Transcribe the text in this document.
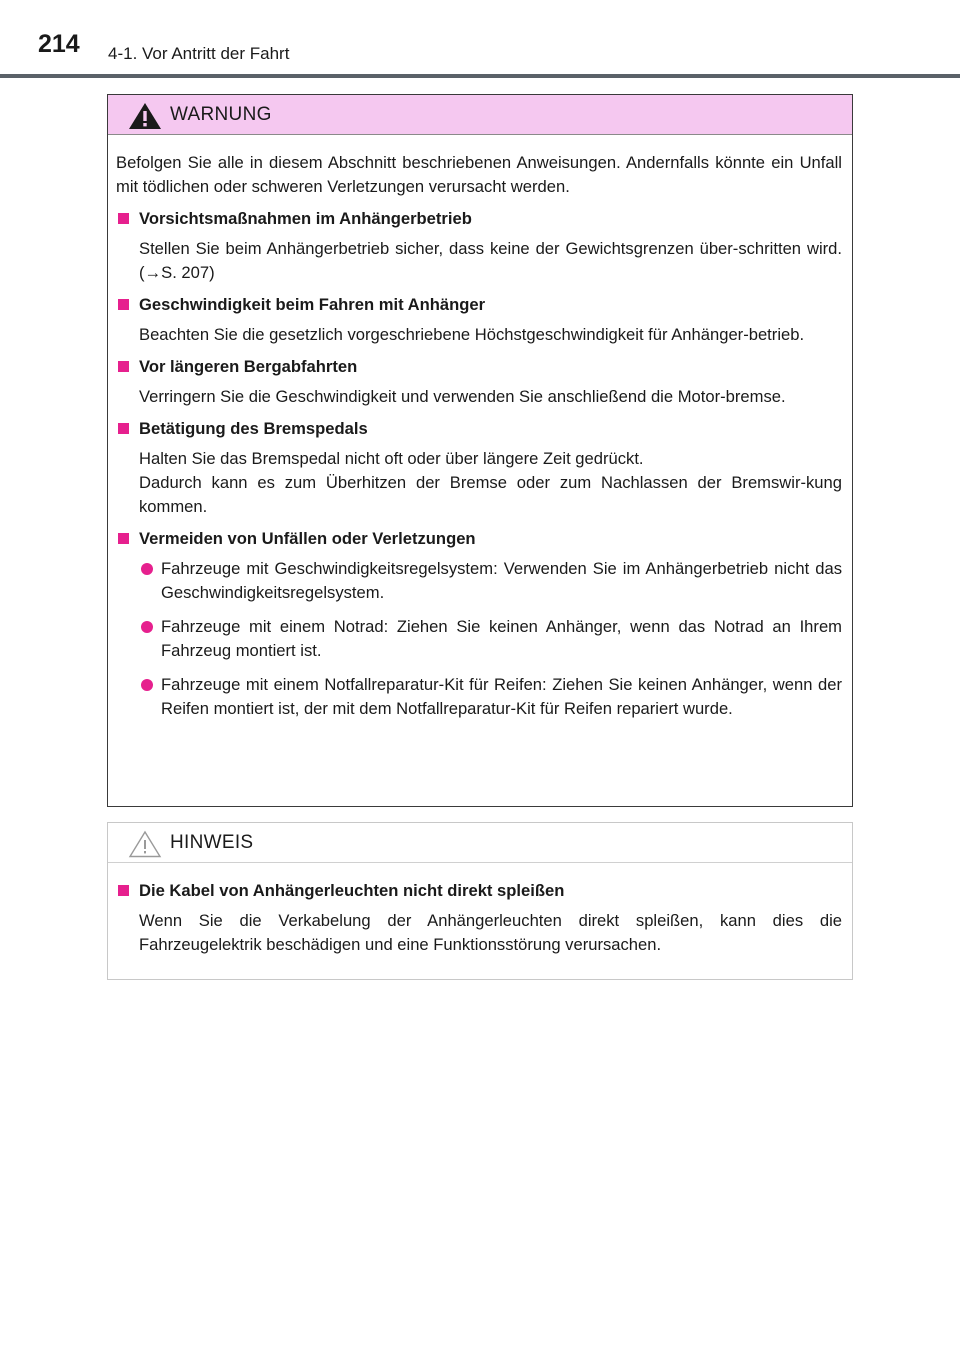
214 4-1. Vor Antritt der Fahrt
WARNUNG

Befolgen Sie alle in diesem Abschnitt beschriebenen Anweisungen. Andernfalls könnte ein Unfall mit tödlichen oder schweren Verletzungen verursacht werden.

Vorsichtsmaßnahmen im Anhängerbetrieb

Stellen Sie beim Anhängerbetrieb sicher, dass keine der Gewichtsgrenzen über-schritten wird. (→S. 207)

Geschwindigkeit beim Fahren mit Anhänger

Beachten Sie die gesetzlich vorgeschriebene Höchstgeschwindigkeit für Anhänger-betrieb.

Vor längeren Bergabfahrten

Verringern Sie die Geschwindigkeit und verwenden Sie anschließend die Motor-bremse.

Betätigung des Bremspedals

Halten Sie das Bremspedal nicht oft oder über längere Zeit gedrückt.

Dadurch kann es zum Überhitzen der Bremse oder zum Nachlassen der Bremswir-kung kommen.

Vermeiden von Unfällen oder Verletzungen
Fahrzeuge mit Geschwindigkeitsregelsystem: Verwenden Sie im Anhängerbetrieb nicht das Geschwindigkeitsregelsystem.
Fahrzeuge mit einem Notrad: Ziehen Sie keinen Anhänger, wenn das Notrad an Ihrem Fahrzeug montiert ist.
Fahrzeuge mit einem Notfallreparatur-Kit für Reifen: Ziehen Sie keinen Anhänger, wenn der Reifen montiert ist, der mit dem Notfallreparatur-Kit für Reifen repariert wurde.
HINWEIS
Die Kabel von Anhängerleuchten nicht direkt spleißen

Wenn Sie die Verkabelung der Anhängerleuchten direkt spleißen, kann dies die Fahrzeugelektrik beschädigen und eine Funktionsstörung verursachen.
